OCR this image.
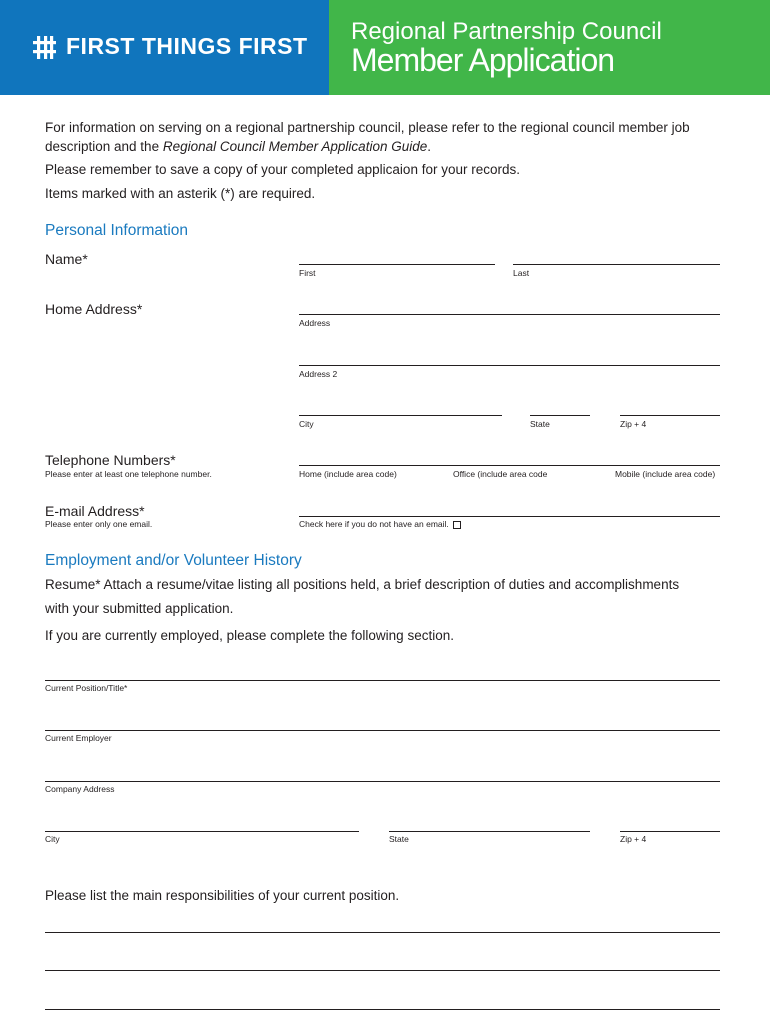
FIRST THINGS FIRST
Regional Partnership Council
Member Application
For information on serving on a regional partnership council, please refer to the regional council member job
description and the Regional Council Member Application Guide.
Please remember to save a copy of your completed applicaion for your records.
Items marked with an asterik (*) are required.
Personal Information
Name*
First	Last
Home Address*
Address
Address 2
City	State	Zip + 4
Telephone Numbers*
Please enter at least one telephone number.	Home (include area code)	Office (include area code	Mobile (include area code)
E-mail Address*
Please enter only one email.	Check here if you do not have an email.
Employment and/or Volunteer History
Resume* Attach a resume/vitae listing all positions held, a brief description of duties and accomplishments
with your submitted application.
If you are currently employed, please complete the following section.
Current Position/Title*
Current Employer
Company Address
City	State	Zip + 4
Please list the main responsibilities of your current position.
